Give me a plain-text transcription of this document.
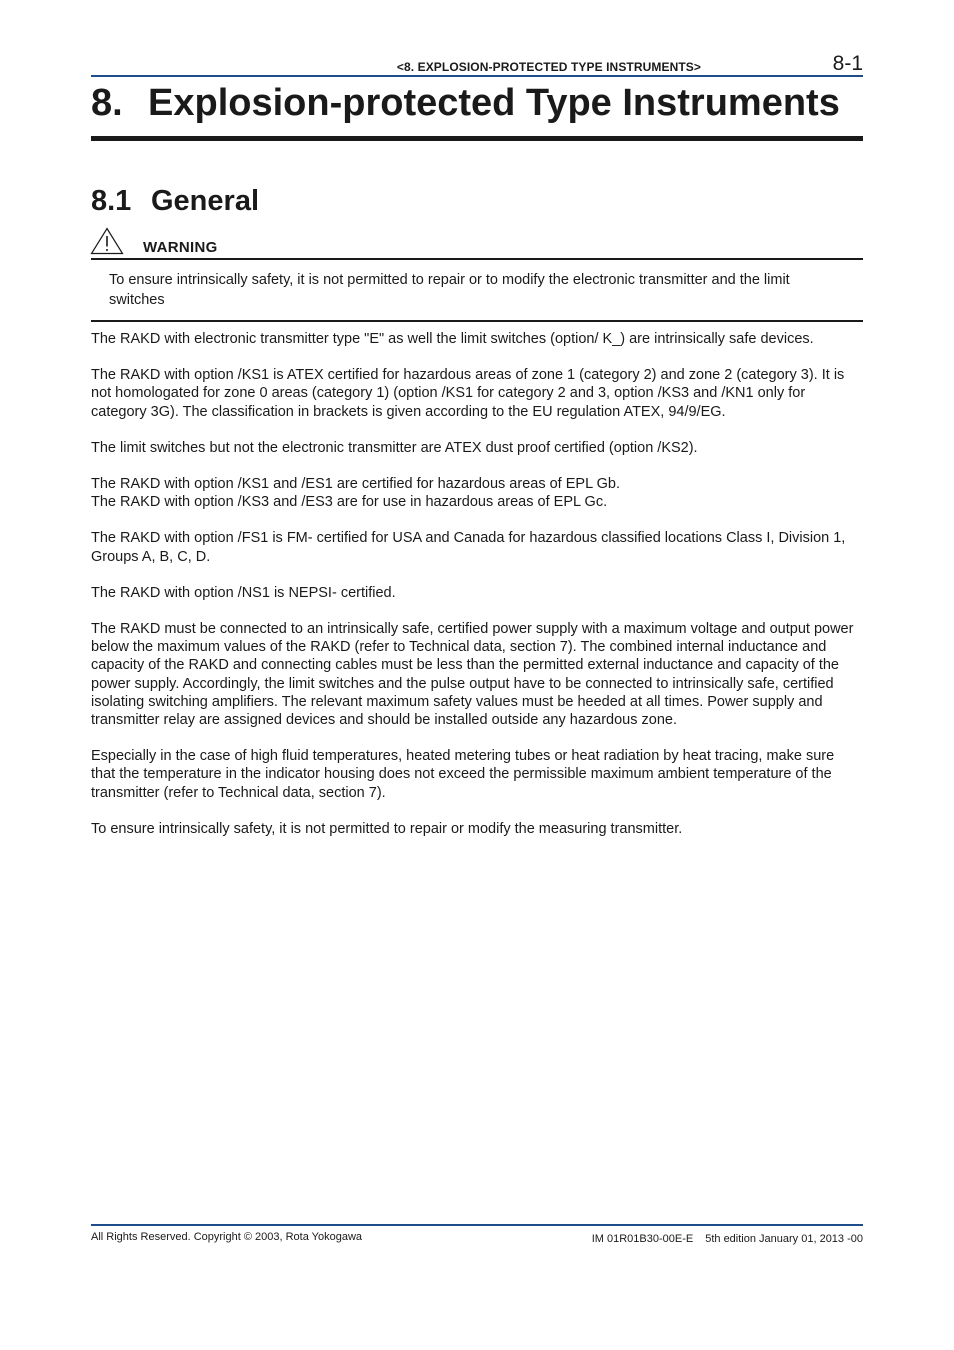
<8. EXPLOSION-PROTECTED TYPE INSTRUMENTS>	8-1
8. Explosion-protected Type Instruments
8.1 General
WARNING

To ensure intrinsically safety, it is not permitted to repair or to modify the electronic transmitter and the limit switches

The RAKD with electronic transmitter type "E" as well the limit switches (option/ K_) are intrinsically safe devices.

The RAKD with option /KS1 is ATEX certified for hazardous areas of zone 1 (category 2) and zone 2 (category 3). It is not homologated for zone 0 areas (category 1) (option /KS1 for category 2 and 3, option /KS3 and /KN1 only for category 3G). The classification in brackets is given according to the EU regulation ATEX, 94/9/EG.

The limit switches but not the electronic transmitter are ATEX dust proof certified (option /KS2).

The RAKD with option /KS1 and /ES1 are certified for hazardous areas of EPL Gb.
The RAKD with option /KS3 and /ES3 are for use in hazardous areas of EPL Gc.

The RAKD with option /FS1 is FM- certified for USA and Canada for hazardous classified locations Class I, Division 1, Groups A, B, C, D.

The RAKD with option /NS1 is NEPSI- certified.

The RAKD must be connected to an intrinsically safe, certified power supply with a maximum voltage and output power below the maximum values of the RAKD (refer to Technical data, section 7). The combined internal inductance and capacity of the RAKD and connecting cables must be less than the permitted external inductance and capacity of the power supply. Accordingly, the limit switches and the pulse output have to be connected to intrinsically safe, certified isolating switching amplifiers. The relevant maximum safety values must be heeded at all times. Power supply and transmitter relay are assigned devices and should be installed outside any hazardous zone.

Especially in the case of high fluid temperatures, heated metering tubes or heat radiation by heat tracing, make sure that the temperature in the indicator housing does not exceed the permissible maximum ambient temperature of the transmitter (refer to Technical data, section 7).

To ensure intrinsically safety, it is not permitted to repair or modify the measuring transmitter.

All Rights Reserved. Copyright © 2003, Rota Yokogawa	IM 01R01B30-00E-E 5th edition January 01, 2013 -00
